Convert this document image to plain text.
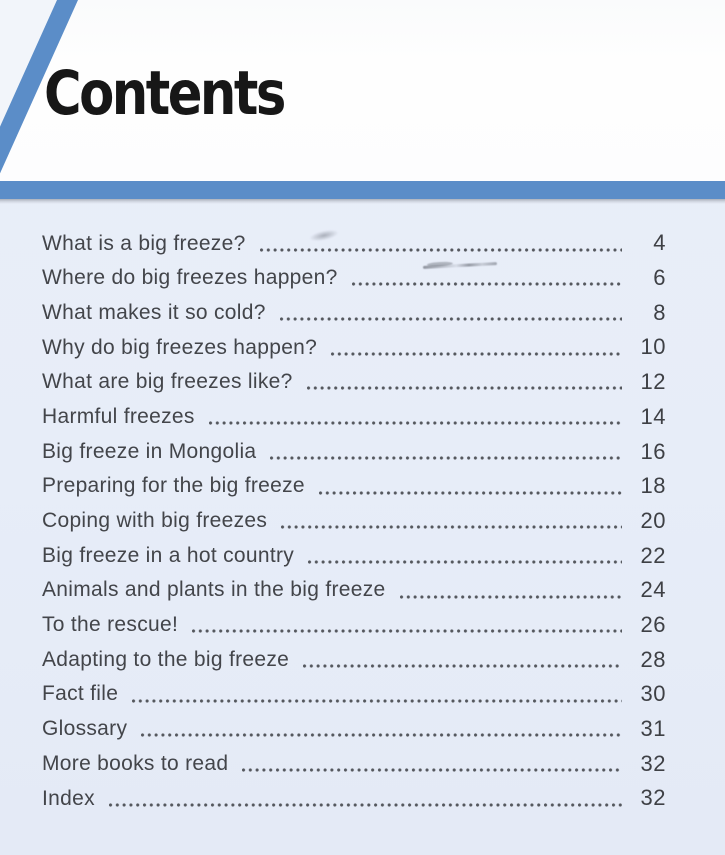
Contents
What is a big freeze?	4
Where do big freezes happen?	6
What makes it so cold?	8
Why do big freezes happen?	10
What are big freezes like?	12
Harmful freezes	14
Big freeze in Mongolia	16
Preparing for the big freeze	18
Coping with big freezes	20
Big freeze in a hot country	22
Animals and plants in the big freeze	24
To the rescue!	26
Adapting to the big freeze	28
Fact file	30
Glossary	31
More books to read	32
Index	32
